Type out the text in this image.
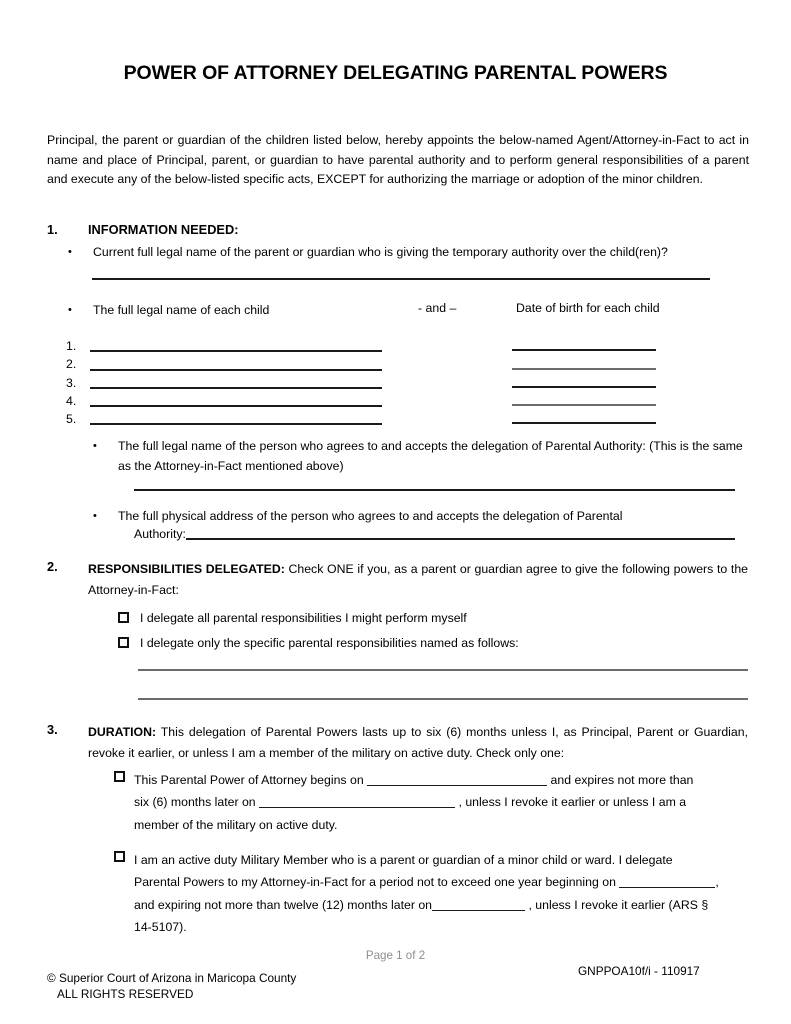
POWER OF ATTORNEY DELEGATING PARENTAL POWERS
Principal, the parent or guardian of the children listed below, hereby appoints the below-named Agent/Attorney-in-Fact to act in name and place of Principal, parent, or guardian to have parental authority and to perform general responsibilities of a parent and execute any of the below-listed specific acts, EXCEPT for authorizing the marriage or adoption of the minor children.
1. INFORMATION NEEDED:
• Current full legal name of the parent or guardian who is giving the temporary authority over the child(ren)?
• The full legal name of each child	- and –	Date of birth for each child
1.
2.
3.
4.
5.
• The full legal name of the person who agrees to and accepts the delegation of Parental Authority: (This is the same as the Attorney-in-Fact mentioned above)
• The full physical address of the person who agrees to and accepts the delegation of Parental
Authority:
2. RESPONSIBILITIES DELEGATED: Check ONE if you, as a parent or guardian agree to give the following powers to the Attorney-in-Fact:
I delegate all parental responsibilities I might perform myself
I delegate only the specific parental responsibilities named as follows:
3. DURATION: This delegation of Parental Powers lasts up to six (6) months unless I, as Principal, Parent or Guardian, revoke it earlier, or unless I am a member of the military on active duty. Check only one:
This Parental Power of Attorney begins on	and expires not more than
six (6) months later on	, unless I revoke it earlier or unless I am a
member of the military on active duty.
I am an active duty Military Member who is a parent or guardian of a minor child or ward. I delegate
Parental Powers to my Attorney-in-Fact for a period not to exceed one year beginning on	,
and expiring not more than twelve (12) months later on	, unless I revoke it earlier (ARS §
14-5107).
Page 1 of 2
© Superior Court of Arizona in Maricopa County
ALL RIGHTS RESERVED
GNPPOA10f/i - 110917
